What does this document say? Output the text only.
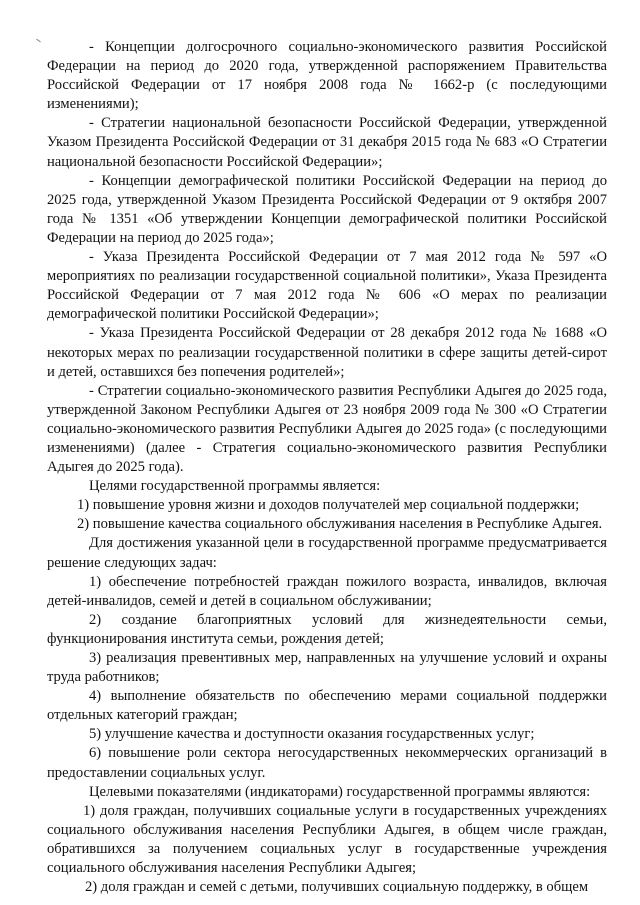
- Концепции долгосрочного социально-экономического развития Российской Федерации на период до 2020 года, утвержденной распоряжением Правительства Российской Федерации от 17 ноября 2008 года № 1662-р (с последующими изменениями);

- Стратегии национальной безопасности Российской Федерации, утвержденной Указом Президента Российской Федерации от 31 декабря 2015 года № 683 «О Стратегии национальной безопасности Российской Федерации»;

- Концепции демографической политики Российской Федерации на период до 2025 года, утвержденной Указом Президента Российской Федерации от 9 октября 2007 года № 1351 «Об утверждении Концепции демографической политики Российской Федерации на период до 2025 года»;

- Указа Президента Российской Федерации от 7 мая 2012 года № 597 «О мероприятиях по реализации государственной социальной политики», Указа Президента Российской Федерации от 7 мая 2012 года № 606 «О мерах по реализации демографической политики Российской Федерации»;

- Указа Президента Российской Федерации от 28 декабря 2012 года № 1688 «О некоторых мерах по реализации государственной политики в сфере защиты детей-сирот и детей, оставшихся без попечения родителей»;

- Стратегии социально-экономического развития Республики Адыгея до 2025 года, утвержденной Законом Республики Адыгея от 23 ноября 2009 года № 300 «О Стратегии социально-экономического развития Республики Адыгея до 2025 года» (с последующими изменениями) (далее - Стратегия социально-экономического развития Республики Адыгея до 2025 года).

Целями государственной программы является:

1) повышение уровня жизни и доходов получателей мер социальной поддержки;

2) повышение качества социального обслуживания населения в Республике Адыгея.

Для достижения указанной цели в государственной программе предусматривается решение следующих задач:

1) обеспечение потребностей граждан пожилого возраста, инвалидов, включая детей-инвалидов, семей и детей в социальном обслуживании;

2) создание благоприятных условий для жизнедеятельности семьи, функционирования института семьи, рождения детей;

3) реализация превентивных мер, направленных на улучшение условий и охраны труда работников;

4) выполнение обязательств по обеспечению мерами социальной поддержки отдельных категорий граждан;

5) улучшение качества и доступности оказания государственных услуг;

6) повышение роли сектора негосударственных некоммерческих организаций в предоставлении социальных услуг.

Целевыми показателями (индикаторами) государственной программы являются:

1) доля граждан, получивших социальные услуги в государственных учреждениях социального обслуживания населения Республики Адыгея, в общем числе граждан, обратившихся за получением социальных услуг в государственные учреждения социального обслуживания населения Республики Адыгея;

2) доля граждан и семей с детьми, получивших социальную поддержку, в общем
